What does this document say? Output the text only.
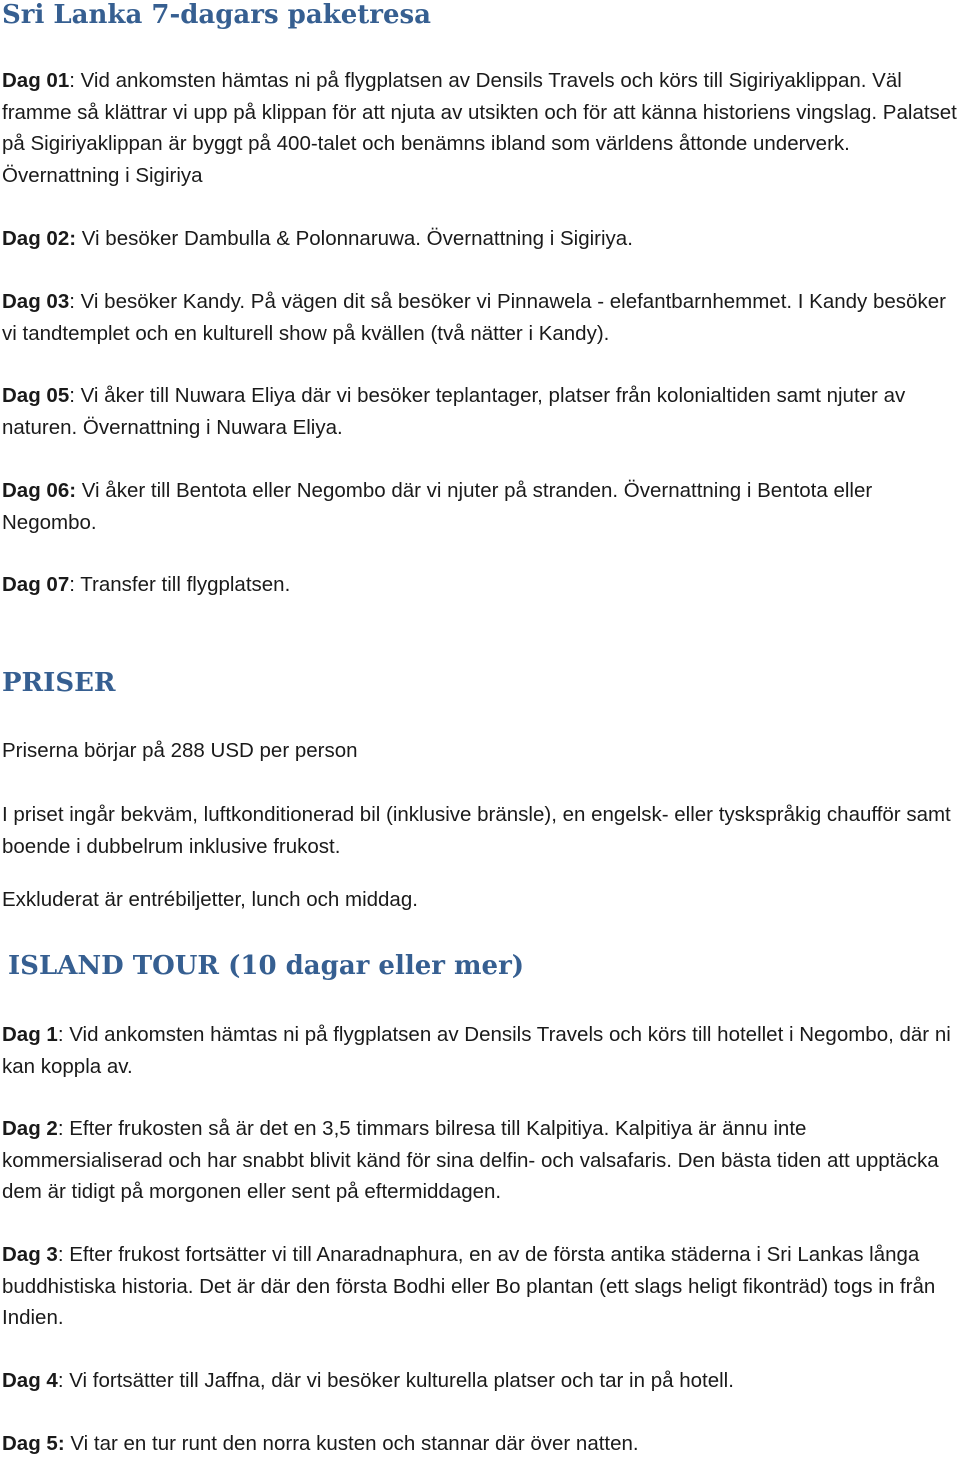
Sri Lanka 7-dagars paketresa

Dag 01: Vid ankomsten hämtas ni på flygplatsen av Densils Travels och körs till Sigiriyaklippan. Väl framme så klättrar vi upp på klippan för att njuta av utsikten och för att känna historiens vingslag. Palatset på Sigiriyaklippan är byggt på 400-talet och benämns ibland som världens åttonde underverk. Övernattning i Sigiriya

Dag 02: Vi besöker Dambulla & Polonnaruwa. Övernattning i Sigiriya.

Dag 03: Vi besöker Kandy. På vägen dit så besöker vi Pinnawela - elefantbarnhemmet. I Kandy besöker vi tandtemplet och en kulturell show på kvällen (två nätter i Kandy).

Dag 05: Vi åker till Nuwara Eliya där vi besöker teplantager, platser från kolonialtiden samt njuter av naturen. Övernattning i Nuwara Eliya.

Dag 06: Vi åker till Bentota eller Negombo där vi njuter på stranden. Övernattning i Bentota eller Negombo.

Dag 07: Transfer till flygplatsen.

PRISER

Priserna börjar på 288 USD per person

I priset ingår bekväm, luftkonditionerad bil (inklusive bränsle), en engelsk- eller tyskspråkig chaufför samt boende i dubbelrum inklusive frukost.

Exkluderat är entrébiljetter, lunch och middag.

ISLAND TOUR (10 dagar eller mer)

Dag 1: Vid ankomsten hämtas ni på flygplatsen av Densils Travels och körs till hotellet i Negombo, där ni kan koppla av.

Dag 2: Efter frukosten så är det en 3,5 timmars bilresa till Kalpitiya. Kalpitiya är ännu inte kommersialiserad och har snabbt blivit känd för sina delfin- och valsafaris. Den bästa tiden att upptäcka dem är tidigt på morgonen eller sent på eftermiddagen.

Dag 3: Efter frukost fortsätter vi till Anaradnaphura, en av de första antika städerna i Sri Lankas långa buddhistiska historia. Det är där den första Bodhi eller Bo plantan (ett slags heligt fikonträd) togs in från Indien.

Dag 4: Vi fortsätter till Jaffna, där vi besöker kulturella platser och tar in på hotell.

Dag 5: Vi tar en tur runt den norra kusten och stannar där över natten.
